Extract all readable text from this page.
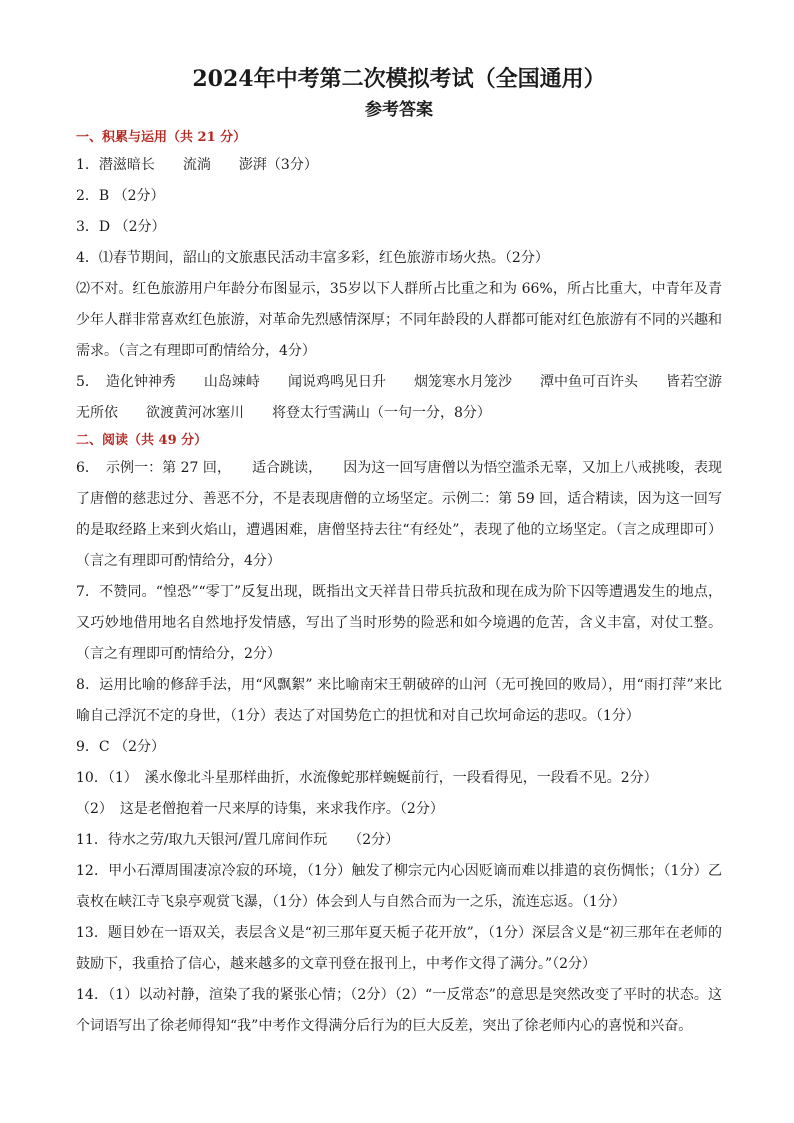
2024年中考第二次模拟考试（全国通用）
参考答案

一、积累与运用（共 21 分）

1．潜滋暗长　　流淌　　澎湃（3分）

2．B （2分）

3．D （2分）

4．⑴春节期间，韶山的文旅惠民活动丰富多彩，红色旅游市场火热。（2分）

⑵不对。红色旅游用户年龄分布图显示，35岁以下人群所占比重之和为 66%，所占比重大，中青年及青少年人群非常喜欢红色旅游，对革命先烈感情深厚；不同年龄段的人群都可能对红色旅游有不同的兴趣和需求。（言之有理即可酌情给分，4分）

5．　造化钟神秀　　山岛竦峙　　闻说鸡鸣见日升　　烟笼寒水月笼沙　　潭中鱼可百许头　　皆若空游无所依　　欲渡黄河冰塞川　　将登太行雪满山（一句一分，8分）

二、阅读（共 49 分）

6．　示例一：第 27 回，　　适合跳读，　　因为这一回写唐僧以为悟空滥杀无辜，又加上八戒挑唆，表现了唐僧的慈悲过分、善恶不分，不是表现唐僧的立场坚定。示例二：第 59 回，适合精读，因为这一回写的是取经路上来到火焰山，遭遇困难，唐僧坚持去往“有经处”，表现了他的立场坚定。（言之成理即可）（言之有理即可酌情给分，4分）

7．不赞同。“惶恐”“零丁”反复出现，既指出文天祥昔日带兵抗敌和现在成为阶下囚等遭遇发生的地点，又巧妙地借用地名自然地抒发情感，写出了当时形势的险恶和如今境遇的危苦，含义丰富，对仗工整。（言之有理即可酌情给分，2分）

8．运用比喻的修辞手法，用“风飘絮” 来比喻南宋王朝破碎的山河（无可挽回的败局），用“雨打萍”来比喻自己浮沉不定的身世，（1分）表达了对国势危亡的担忧和对自己坎坷命运的悲叹。（1分）

9．C （2分）

10．（1）　溪水像北斗星那样曲折，水流像蛇那样蜿蜒前行，一段看得见，一段看不见。2分）

（2）　这是老僧抱着一尺来厚的诗集，来求我作序。（2分）

11．待水之劳/取九天银河/置几席间作玩　　（2分）

12．甲小石潭周围凄凉冷寂的环境，（1分）触发了柳宗元内心因贬谪而难以排遣的哀伤惆怅；（1分）乙袁枚在峡江寺飞泉亭观赏飞瀑，（1分）体会到人与自然合而为一之乐，流连忘返。（1分）

13．题目妙在一语双关，表层含义是“初三那年夏天栀子花开放”，（1分）深层含义是“初三那年在老师的鼓励下，我重拾了信心，越来越多的文章刊登在报刊上，中考作文得了满分。”（2分）

14．（1）以动衬静，渲染了我的紧张心情；（2分）（2）“一反常态”的意思是突然改变了平时的状态。这个词语写出了徐老师得知“我”中考作文得满分后行为的巨大反差，突出了徐老师内心的喜悦和兴奋。
